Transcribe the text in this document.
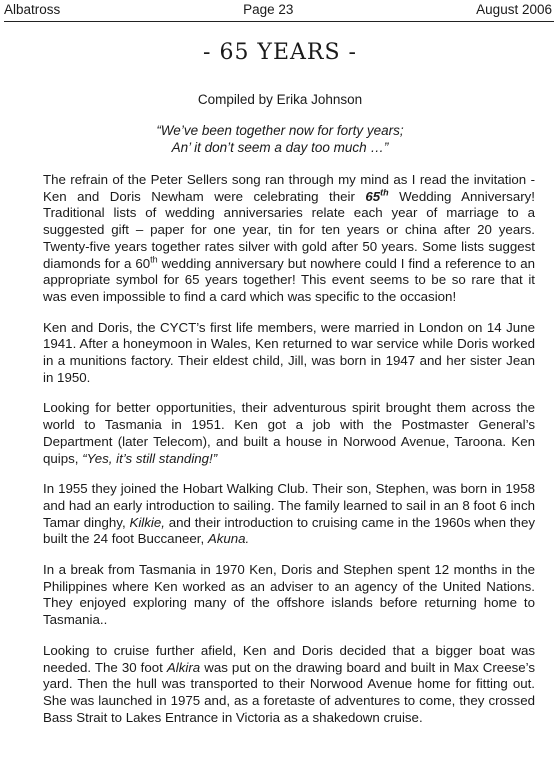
Albatross	Page 23	August 2006
- 65 YEARS -
Compiled by Erika Johnson
“We’ve been together now for forty years;
An’ it don’t seem a day too much …”

The refrain of the Peter Sellers song ran through my mind as I read the invitation - Ken and Doris Newham were celebrating their 65th Wedding Anniversary! Traditional lists of wedding anniversaries relate each year of marriage to a suggested gift – paper for one year, tin for ten years or china after 20 years. Twenty-five years together rates silver with gold after 50 years. Some lists suggest diamonds for a 60th wedding anniversary but nowhere could I find a reference to an appropriate symbol for 65 years together! This event seems to be so rare that it was even impossible to find a card which was specific to the occasion!

Ken and Doris, the CYCT’s first life members, were married in London on 14 June 1941. After a honeymoon in Wales, Ken returned to war service while Doris worked in a munitions factory. Their eldest child, Jill, was born in 1947 and her sister Jean in 1950.

Looking for better opportunities, their adventurous spirit brought them across the world to Tasmania in 1951. Ken got a job with the Postmaster General’s Department (later Telecom), and built a house in Norwood Avenue, Taroona. Ken quips, “Yes, it’s still standing!”

In 1955 they joined the Hobart Walking Club. Their son, Stephen, was born in 1958 and had an early introduction to sailing. The family learned to sail in an 8 foot 6 inch Tamar dinghy, Kilkie, and their introduction to cruising came in the 1960s when they built the 24 foot Buccaneer, Akuna.

In a break from Tasmania in 1970 Ken, Doris and Stephen spent 12 months in the Philippines where Ken worked as an adviser to an agency of the United Nations. They enjoyed exploring many of the offshore islands before returning home to Tasmania..

Looking to cruise further afield, Ken and Doris decided that a bigger boat was needed. The 30 foot Alkira was put on the drawing board and built in Max Creese’s yard. Then the hull was transported to their Norwood Avenue home for fitting out. She was launched in 1975 and, as a foretaste of adventures to come, they crossed Bass Strait to Lakes Entrance in Victoria as a shakedown cruise.
